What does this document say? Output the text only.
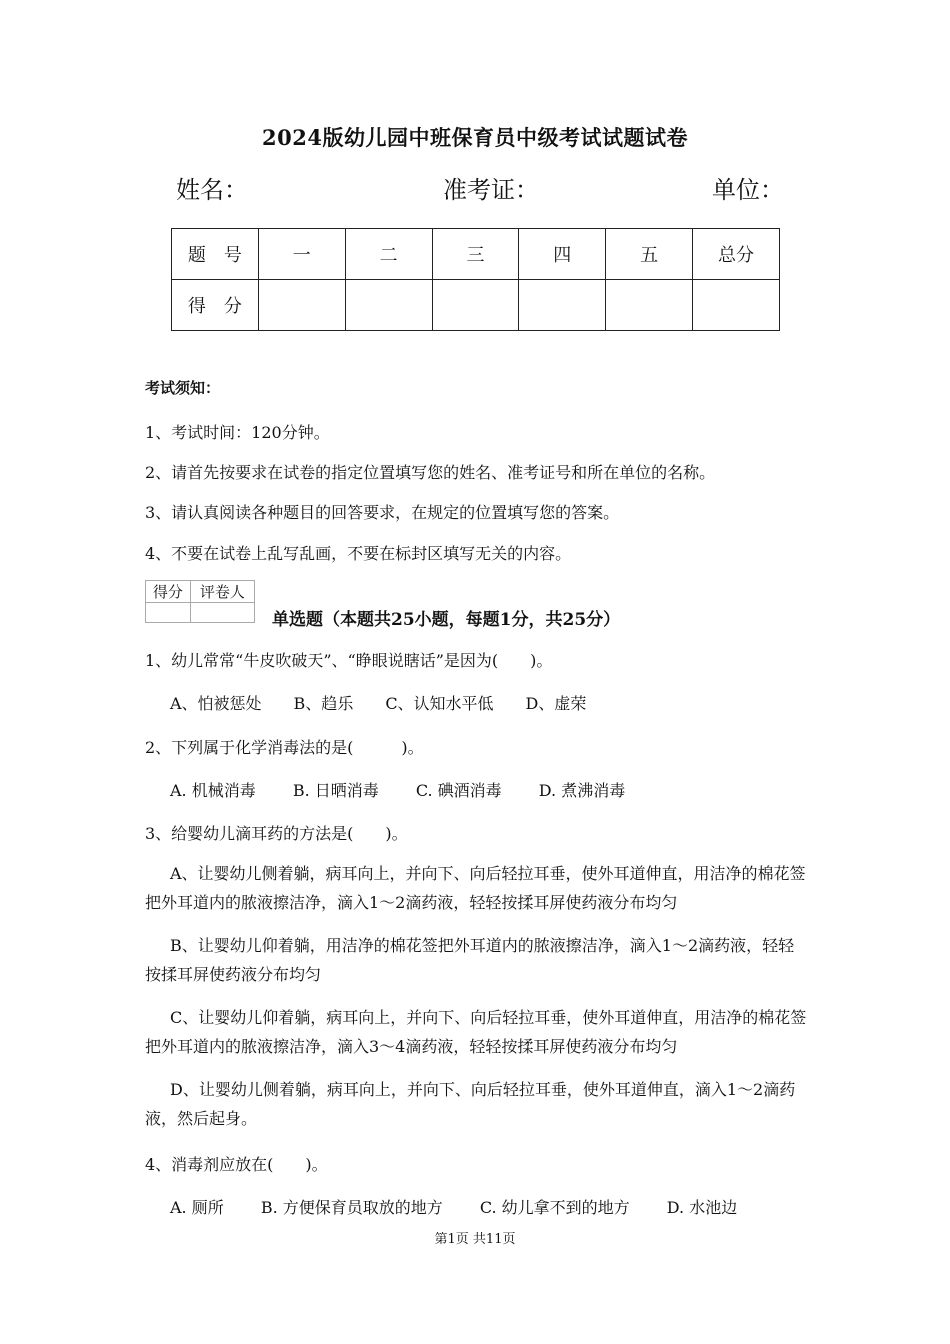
2024版幼儿园中班保育员中级考试试题试卷
姓名：	准考证：	单位：
题　号	一	二	三	四	五	总分
得　分						
考试须知：
1、考试时间：120分钟。
2、请首先按要求在试卷的指定位置填写您的姓名、准考证号和所在单位的名称。
3、请认真阅读各种题目的回答要求，在规定的位置填写您的答案。
4、不要在试卷上乱写乱画，不要在标封区填写无关的内容。
得分	评卷人

单选题（本题共25小题，每题1分，共25分）
1、幼儿常常“牛皮吹破天”、“睁眼说瞎话”是因为(　　)。
A、怕被惩处　　B、趋乐　　C、认知水平低　　D、虚荣
2、下列属于化学消毒法的是(　　　)。
A. 机械消毒　　 B. 日晒消毒　　 C. 碘酒消毒　　 D. 煮沸消毒
3、给婴幼儿滴耳药的方法是(　　)。
A、让婴幼儿侧着躺，病耳向上，并向下、向后轻拉耳垂，使外耳道伸直，用洁净的棉花签把外耳道内的脓液擦洁净，滴入1～2滴药液，轻轻按揉耳屏使药液分布均匀
B、让婴幼儿仰着躺，用洁净的棉花签把外耳道内的脓液擦洁净，滴入1～2滴药液，轻轻按揉耳屏使药液分布均匀
C、让婴幼儿仰着躺，病耳向上，并向下、向后轻拉耳垂，使外耳道伸直，用洁净的棉花签把外耳道内的脓液擦洁净，滴入3～4滴药液，轻轻按揉耳屏使药液分布均匀
D、让婴幼儿侧着躺，病耳向上，并向下、向后轻拉耳垂，使外耳道伸直，滴入1～2滴药液，然后起身。
4、消毒剂应放在(　　)。
A. 厕所　　 B. 方便保育员取放的地方　　 C. 幼儿拿不到的地方　　 D. 水池边
第1页 共11页
